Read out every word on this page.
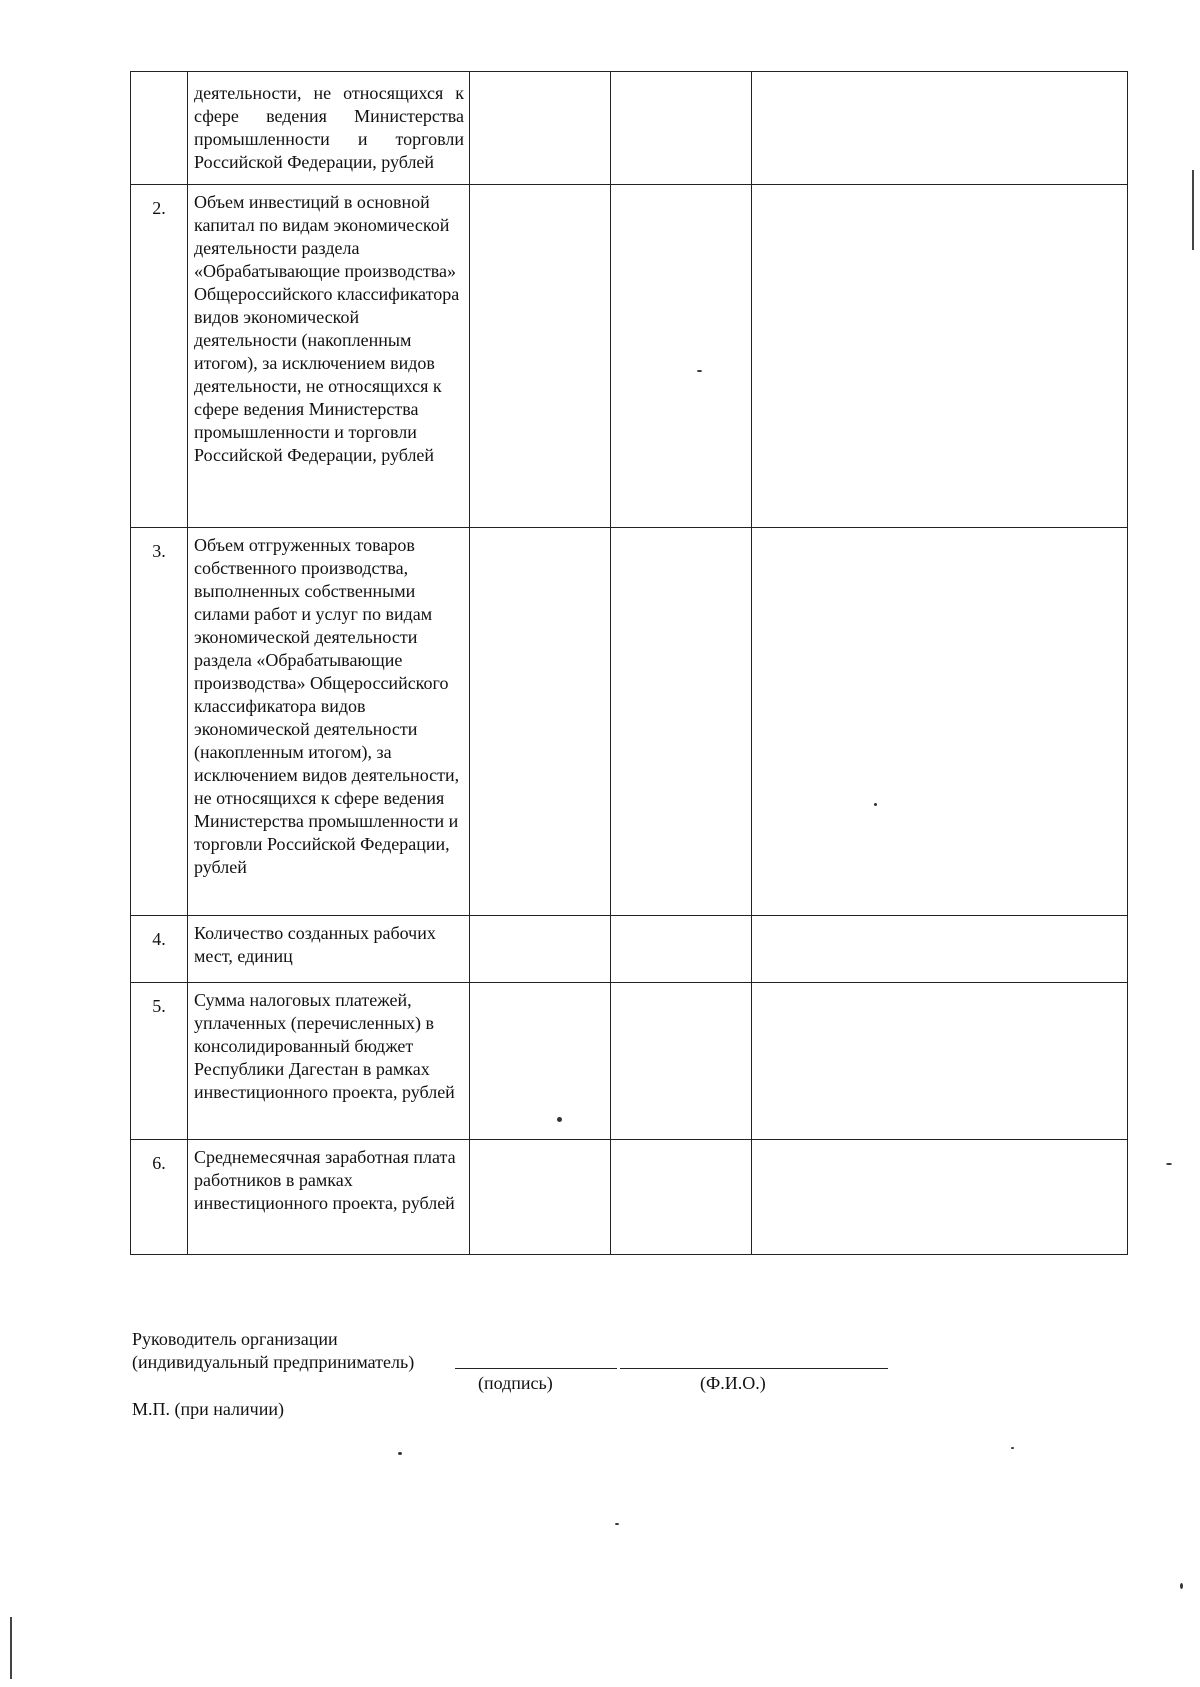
	деятельности, не относящихся к сфере ведения Министерства промышленности и торговли Российской Федерации, рублей			

2.	Объем инвестиций в основной капитал по видам экономической деятельности раздела «Обрабатывающие производства» Общероссийского классификатора видов экономической деятельности (накопленным итогом), за исключением видов деятельности, не относящихся к сфере ведения Министерства промышленности и торговли Российской Федерации, рублей			

3.	Объем отгруженных товаров собственного производства, выполненных собственными силами работ и услуг по видам экономической деятельности раздела «Обрабатывающие производства» Общероссийского классификатора видов экономической деятельности (накопленным итогом), за исключением видов деятельности, не относящихся к сфере ведения Министерства промышленности и торговли Российской Федерации, рублей			

4.	Количество созданных рабочих мест, единиц			

5.	Сумма налоговых платежей, уплаченных (перечисленных) в консолидированный бюджет Республики Дагестан в рамках инвестиционного проекта, рублей			

6.	Среднемесячная заработная плата работников в рамках инвестиционного проекта, рублей			

Руководитель организации
(индивидуальный предприниматель)
(подпись)	(Ф.И.О.)
М.П. (при наличии)
